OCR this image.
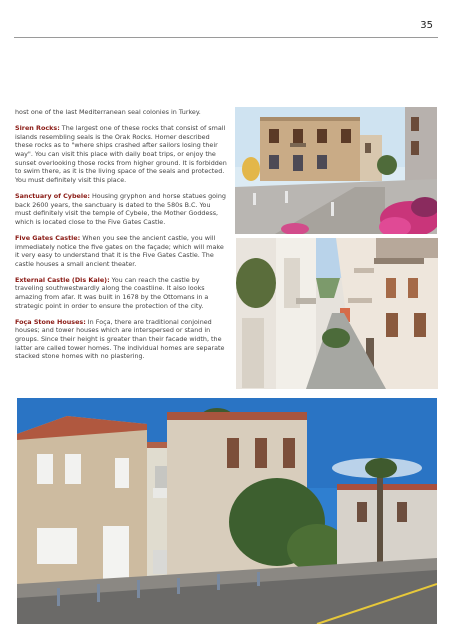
35

host one of the last Mediterranean seal colonies in Turkey.

Siren Rocks: The largest one of these rocks that consist of small islands resembling seals is the Orak Rocks. Homer described these rocks as to "where ships crashed after sailors losing their way". You can visit this place with daily boat trips, or enjoy the sunset overlooking those rocks from higher ground. It is forbidden to swim there, as it is the living space of the seals and protected. You must definitely visit this place.

Sanctuary of Cybele: Housing gryphon and horse statues going back 2600 years, the sanctuary is dated to the 580s B.C. You must definitely visit the temple of Cybele, the Mother Goddess, which is located close to the Five Gates Castle.

Five Gates Castle: When you see the ancient castle, you will immediately notice the five gates on the façade; which will make it very easy to understand that it is the Five Gates Castle. The castle houses a small ancient theater.

External Castle (Dis Kale): You can reach the castle by traveling southwestwardly along the coastline. It also looks amazing from afar. It was built in 1678 by the Ottomans in a strategic point in order to ensure the protection of the city.

Foça Stone Houses: In Foça, there are traditional conjoined houses; and tower houses which are interspersed or stand in groups. Since their height is greater than their facade width, the latter are called tower homes. The individual homes are separate stacked stone homes with no plastering.
